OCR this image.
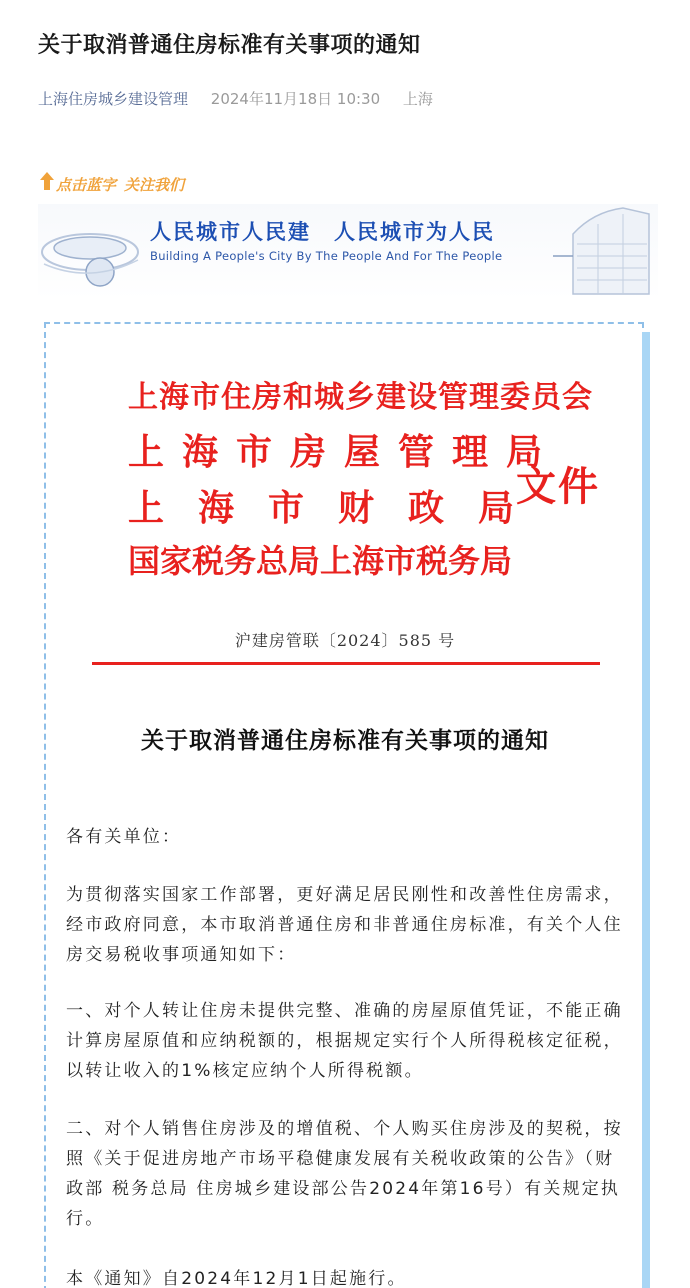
关于取消普通住房标准有关事项的通知
上海住房城乡建设管理 2024年11月18日 10:30 上海
点击蓝字 关注我们
人民城市人民建　人民城市为人民
Building A People's City By The People And For The People
上海市住房和城乡建设管理委员会
上海市房屋管理局
上海市财政局
国家税务总局上海市税务局
文件
沪建房管联〔2024〕585 号
关于取消普通住房标准有关事项的通知
各有关单位：
为贯彻落实国家工作部署，更好满足居民刚性和改善性住房需求，经市政府同意，本市取消普通住房和非普通住房标准，有关个人住房交易税收事项通知如下：
一、对个人转让住房未提供完整、准确的房屋原值凭证，不能正确计算房屋原值和应纳税额的，根据规定实行个人所得税核定征税，以转让收入的1%核定应纳个人所得税额。
二、对个人销售住房涉及的增值税、个人购买住房涉及的契税，按照《关于促进房地产市场平稳健康发展有关税收政策的公告》（财政部 税务总局 住房城乡建设部公告2024年第16号）有关规定执行。
本《通知》自2024年12月1日起施行。
